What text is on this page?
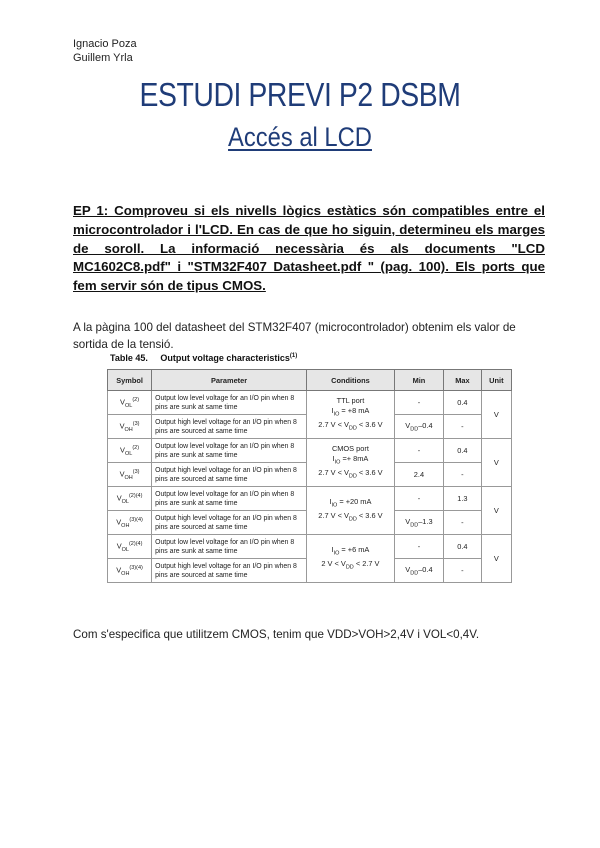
Ignacio Poza
Guillem Yrla
ESTUDI PREVI P2 DSBM
Accés al LCD
EP 1: Comproveu si els nivells lògics estàtics són compatibles entre el microcontrolador i l'LCD. En cas de que ho siguin, determineu els marges de soroll. La informació necessària és als documents "LCD MC1602C8.pdf" i "STM32F407 Datasheet.pdf " (pag. 100). Els ports que fem servir són de tipus CMOS.
A la pàgina 100 del datasheet del STM32F407 (microcontrolador) obtenim els valor de sortida de la tensió.
Table 45. Output voltage characteristics$^{(1)}$
Symbol	Parameter	Conditions	Min	Max	Unit
$V_{OL}^{(2)}$	Output low level voltage for an I/O pin when 8 pins are sunk at same time	TTL port
$I_{IO} = +8$ mA
2.7 $V < V_{DD} < 3.6$ V	-	0.4	V
$V_{OH}^{(3)}$	Output high level voltage for an I/O pin when 8 pins are sourced at same time		$V_{DD}-0.4$	-	
$V_{OL}^{(2)}$	Output low level voltage for an I/O pin when 8 pins are sunk at same time	CMOS port
$I_{IO} =+ 8mA$
2.7 $V < V_{DD} < 3.6$ V	-	0.4	V
$V_{OH}^{(3)}$	Output high level voltage for an I/O pin when 8 pins are sourced at same time		2.4	-	
$V_{OL}^{(2)(4)}$	Output low level voltage for an I/O pin when 8 pins are sunk at same time	$I_{IO} = +20$ mA
2.7 $V < V_{DD} < 3.6$ V	-	1.3	V
$V_{OH}^{(3)(4)}$	Output high level voltage for an I/O pin when 8 pins are sourced at same time		$V_{DD}-1.3$	-	
$V_{OL}^{(2)(4)}$	Output low level voltage for an I/O pin when 8 pins are sunk at same time	$I_{IO} = +6$ mA
2 $V < V_{DD} < 2.7$ V	-	0.4	V
$V_{OH}^{(3)(4)}$	Output high level voltage for an I/O pin when 8 pins are sourced at same time		$V_{DD}-0.4$	-	
Com s'especifica que utilitzem CMOS, tenim que VDD>VOH>2,4V i VOL<0,4V.
